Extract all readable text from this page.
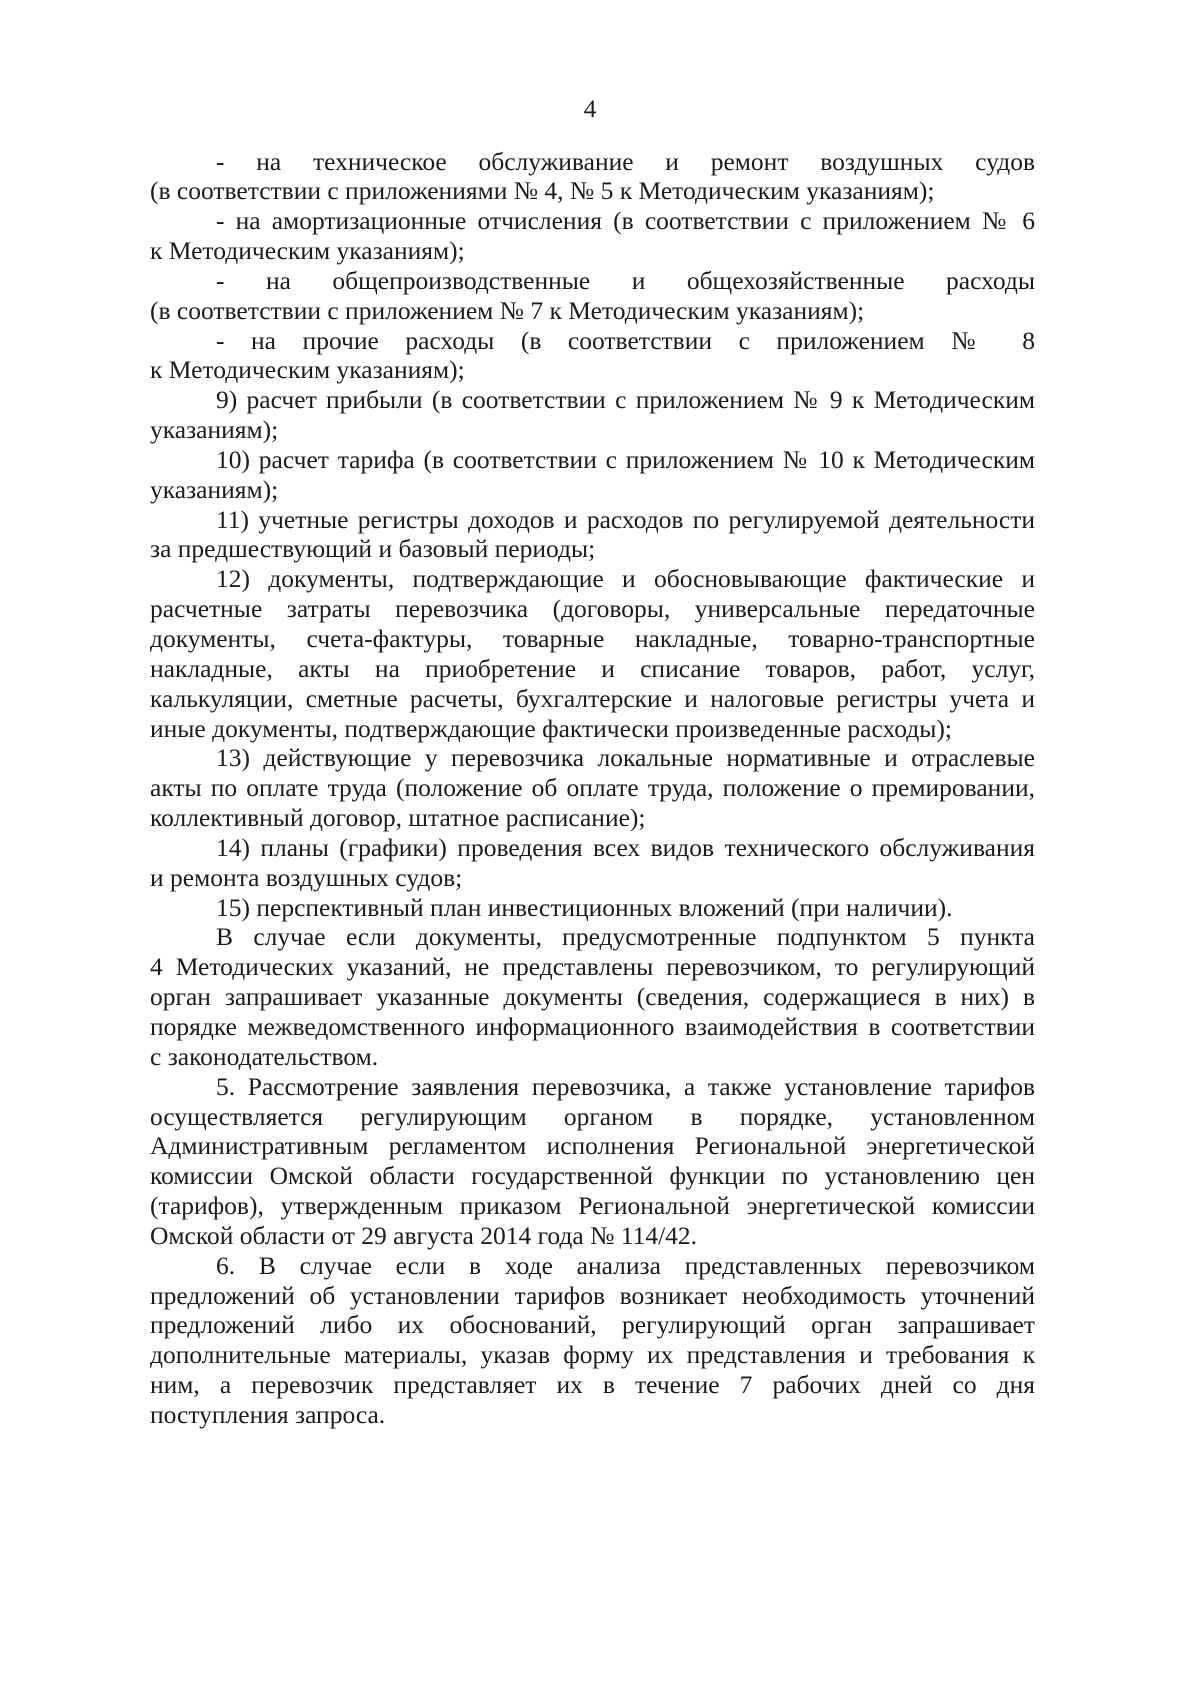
4
- на техническое обслуживание и ремонт воздушных судов
(в соответствии с приложениями № 4, № 5 к Методическим указаниям);
- на амортизационные отчисления (в соответствии с приложением № 6
к Методическим указаниям);
- на общепроизводственные и общехозяйственные расходы
(в соответствии с приложением № 7 к Методическим указаниям);
- на прочие расходы (в соответствии с приложением № 8
к Методическим указаниям);
9) расчет прибыли (в соответствии с приложением № 9 к Методическим
указаниям);
10) расчет тарифа (в соответствии с приложением № 10 к Методическим
указаниям);
11) учетные регистры доходов и расходов по регулируемой деятельности
за предшествующий и базовый периоды;
12) документы, подтверждающие и обосновывающие фактические и
расчетные затраты перевозчика (договоры, универсальные передаточные
документы, счета-фактуры, товарные накладные, товарно-транспортные
накладные, акты на приобретение и списание товаров, работ, услуг,
калькуляции, сметные расчеты, бухгалтерские и налоговые регистры учета и
иные документы, подтверждающие фактически произведенные расходы);
13) действующие у перевозчика локальные нормативные и отраслевые
акты по оплате труда (положение об оплате труда, положение о премировании,
коллективный договор, штатное расписание);
14) планы (графики) проведения всех видов технического обслуживания
и ремонта воздушных судов;
15) перспективный план инвестиционных вложений (при наличии).
В случае если документы, предусмотренные подпунктом 5 пункта
4 Методических указаний, не представлены перевозчиком, то регулирующий
орган запрашивает указанные документы (сведения, содержащиеся в них) в
порядке межведомственного информационного взаимодействия в соответствии
с законодательством.
5. Рассмотрение заявления перевозчика, а также установление тарифов
осуществляется регулирующим органом в порядке, установленном
Административным регламентом исполнения Региональной энергетической
комиссии Омской области государственной функции по установлению цен
(тарифов), утвержденным приказом Региональной энергетической комиссии
Омской области от 29 августа 2014 года № 114/42.
6. В случае если в ходе анализа представленных перевозчиком
предложений об установлении тарифов возникает необходимость уточнений
предложений либо их обоснований, регулирующий орган запрашивает
дополнительные материалы, указав форму их представления и требования к
ним, а перевозчик представляет их в течение 7 рабочих дней со дня
поступления запроса.
